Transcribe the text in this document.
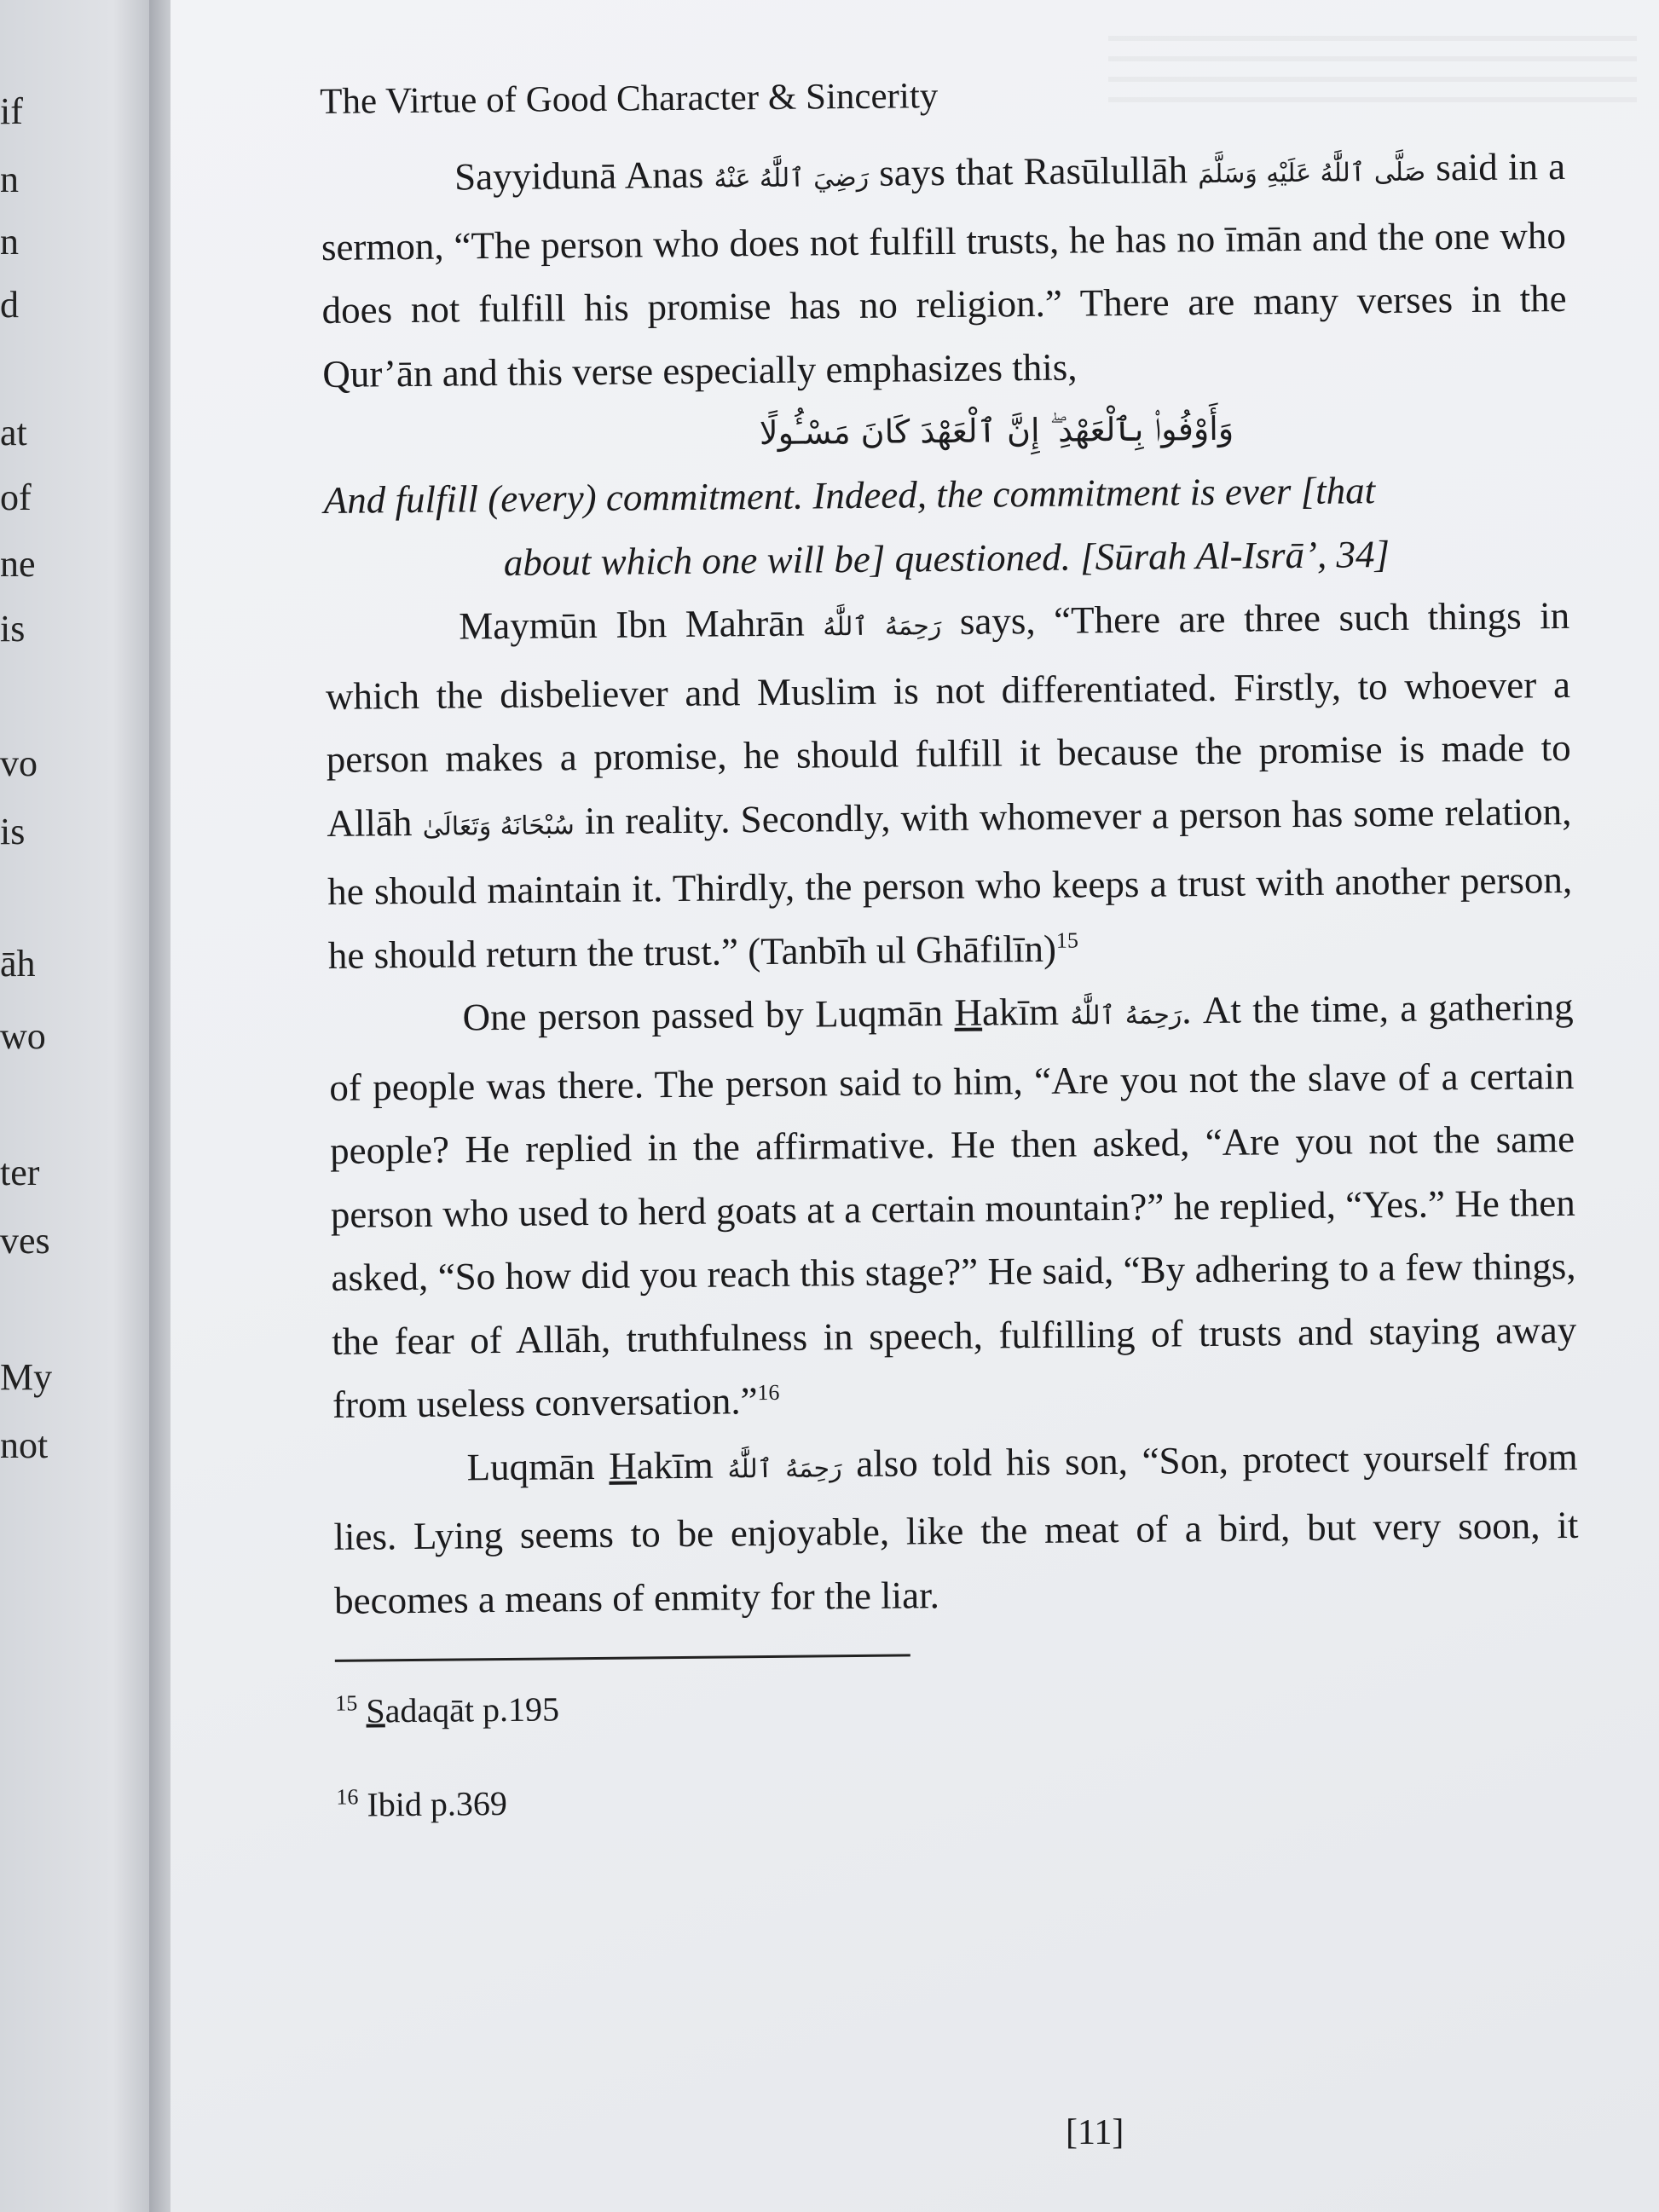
if
n
n
d
at
of
ne
is
vo
is
āh
wo
ter
ves
My
not
The Virtue of Good Character & Sincerity

Sayyidunā Anas رَضِيَ ٱللَّٰهُ عَنْهُ says that Rasūlullāh صَلَّى ٱللَّٰهُ عَلَيْهِ وَسَلَّمَ said in a sermon, “The person who does not fulfill trusts, he has no īmān and the one who does not fulfill his promise has no religion.” There are many verses in the Qur’ān and this verse especially emphasizes this,

وَأَوْفُوا۟ بِٱلْعَهْدِ ۖ إِنَّ ٱلْعَهْدَ كَانَ مَسْـُٔولًا

And fulfill (every) commitment. Indeed, the commitment is ever [that

about which one will be] questioned. [Sūrah Al-Isrā’, 34]

Maymūn Ibn Mahrān رَحِمَهُ ٱللَّٰهُ says, “There are three such things in which the disbeliever and Muslim is not differentiated. Firstly, to whoever a person makes a promise, he should fulfill it because the promise is made to Allāh سُبْحَانَهُ وَتَعَالَىٰ in reality. Secondly, with whomever a person has some relation, he should maintain it. Thirdly, the person who keeps a trust with another person, he should return the trust.” (Tanbīh ul Ghāfilīn)$^{15}$

One person passed by Luqmān Hakīm رَحِمَهُ ٱللَّٰهُ. At the time, a gathering of people was there. The person said to him, “Are you not the slave of a certain people? He replied in the affirmative. He then asked, “Are you not the same person who used to herd goats at a certain mountain?” he replied, “Yes.” He then asked, “So how did you reach this stage?” He said, “By adhering to a few things, the fear of Allāh, truthfulness in speech, fulfilling of trusts and staying away from useless conversation.”$^{16}$

Luqmān Hakīm رَحِمَهُ ٱللَّٰهُ also told his son, “Son, protect yourself from lies. Lying seems to be enjoyable, like the meat of a bird, but very soon, it becomes a means of enmity for the liar.

$^{15}$ Sadaqāt p.195

$^{16}$ Ibid p.369

[11]
